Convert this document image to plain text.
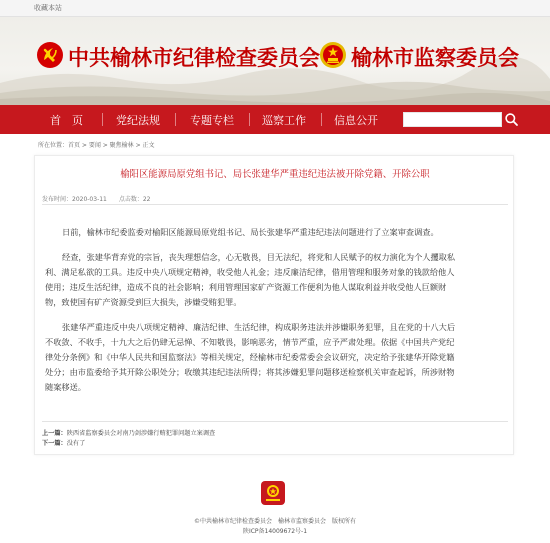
收藏本站
中共榆林市纪律检查委员会 榆林市监察委员会
首　页	党纪法规	专题专栏	巡察工作	信息公开
所在位置：首页 > 要闻 > 聚焦榆林 > 正文
榆阳区能源局原党组书记、局长张建华严重违纪违法被开除党籍、开除公职
发布时间：2020-03-11　　点击数：22
日前，榆林市纪委监委对榆阳区能源局原党组书记、局长张建华严重违纪违法问题进行了立案审查调查。
经查，张建华背弃党的宗旨，丧失理想信念，心无敬畏，目无法纪，将党和人民赋予的权力演化为个人攫取私
利、满足私欲的工具。违反中央八项规定精神，收受他人礼金；违反廉洁纪律，借用管理和服务对象的钱款给他人
使用；违反生活纪律，造成不良的社会影响；利用管理国家矿产资源工作便利为他人谋取利益并收受他人巨额财
物，致使国有矿产资源受到巨大损失，涉嫌受贿犯罪。
张建华严重违反中央八项规定精神、廉洁纪律、生活纪律，构成职务违法并涉嫌职务犯罪，且在党的十八大后
不收敛、不收手，十九大之后仍肆无忌惮、不知敬畏，影响恶劣，情节严重，应予严肃处理。依据《中国共产党纪
律处分条例》和《中华人民共和国监察法》等相关规定，经榆林市纪委常委会会议研究，决定给予张建华开除党籍
处分；由市监委给予其开除公职处分；收缴其违纪违法所得；将其涉嫌犯罪问题移送检察机关审查起诉，所涉财物
随案移送。
上一篇：陕西省监察委员会对南乃剑涉嫌行贿犯罪问题立案调查
下一篇：没有了
©中共榆林市纪律检查委员会　榆林市监察委员会　版权所有
陕ICP备14009672号-1
